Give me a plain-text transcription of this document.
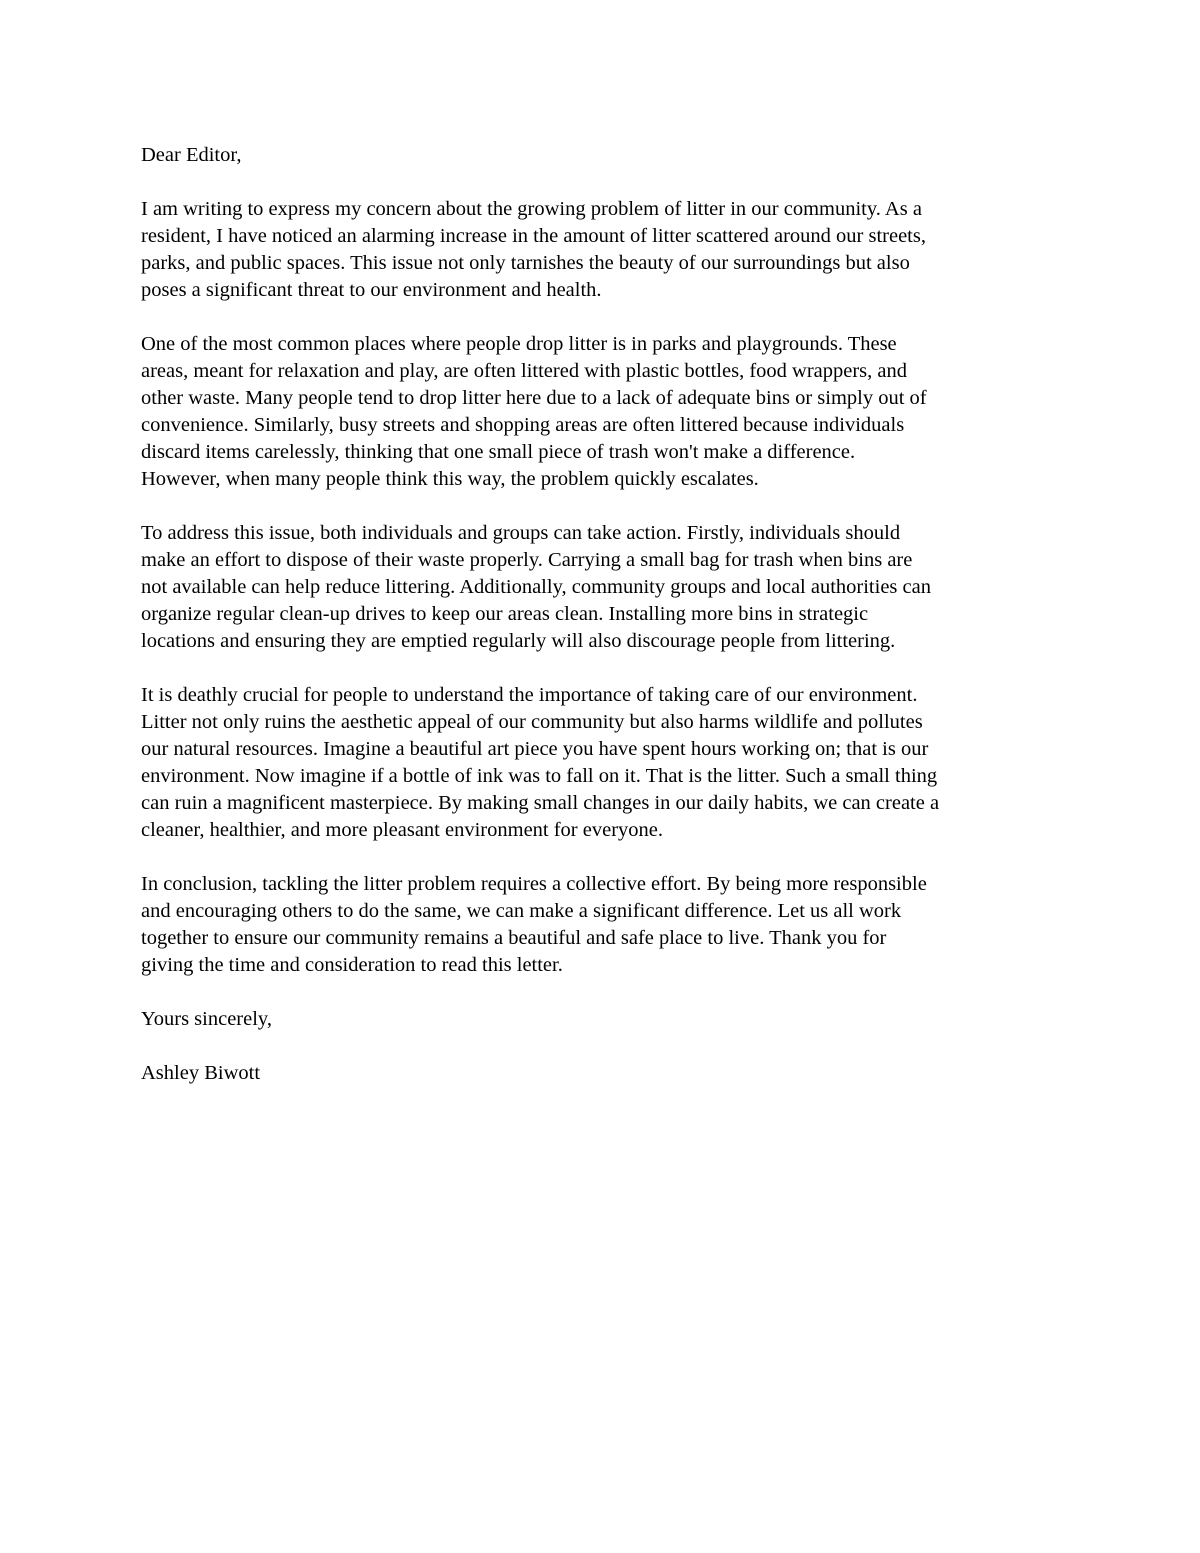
Dear Editor,

I am writing to express my concern about the growing problem of litter in our community. As a
resident, I have noticed an alarming increase in the amount of litter scattered around our streets,
parks, and public spaces. This issue not only tarnishes the beauty of our surroundings but also
poses a significant threat to our environment and health.

One of the most common places where people drop litter is in parks and playgrounds. These
areas, meant for relaxation and play, are often littered with plastic bottles, food wrappers, and
other waste. Many people tend to drop litter here due to a lack of adequate bins or simply out of
convenience. Similarly, busy streets and shopping areas are often littered because individuals
discard items carelessly, thinking that one small piece of trash won't make a difference.
However, when many people think this way, the problem quickly escalates.

To address this issue, both individuals and groups can take action. Firstly, individuals should
make an effort to dispose of their waste properly. Carrying a small bag for trash when bins are
not available can help reduce littering. Additionally, community groups and local authorities can
organize regular clean-up drives to keep our areas clean. Installing more bins in strategic
locations and ensuring they are emptied regularly will also discourage people from littering.

It is deathly crucial for people to understand the importance of taking care of our environment.
Litter not only ruins the aesthetic appeal of our community but also harms wildlife and pollutes
our natural resources. Imagine a beautiful art piece you have spent hours working on; that is our
environment. Now imagine if a bottle of ink was to fall on it. That is the litter. Such a small thing
can ruin a magnificent masterpiece. By making small changes in our daily habits, we can create a
cleaner, healthier, and more pleasant environment for everyone.

In conclusion, tackling the litter problem requires a collective effort. By being more responsible
and encouraging others to do the same, we can make a significant difference. Let us all work
together to ensure our community remains a beautiful and safe place to live. Thank you for
giving the time and consideration to read this letter.

Yours sincerely,

Ashley Biwott
